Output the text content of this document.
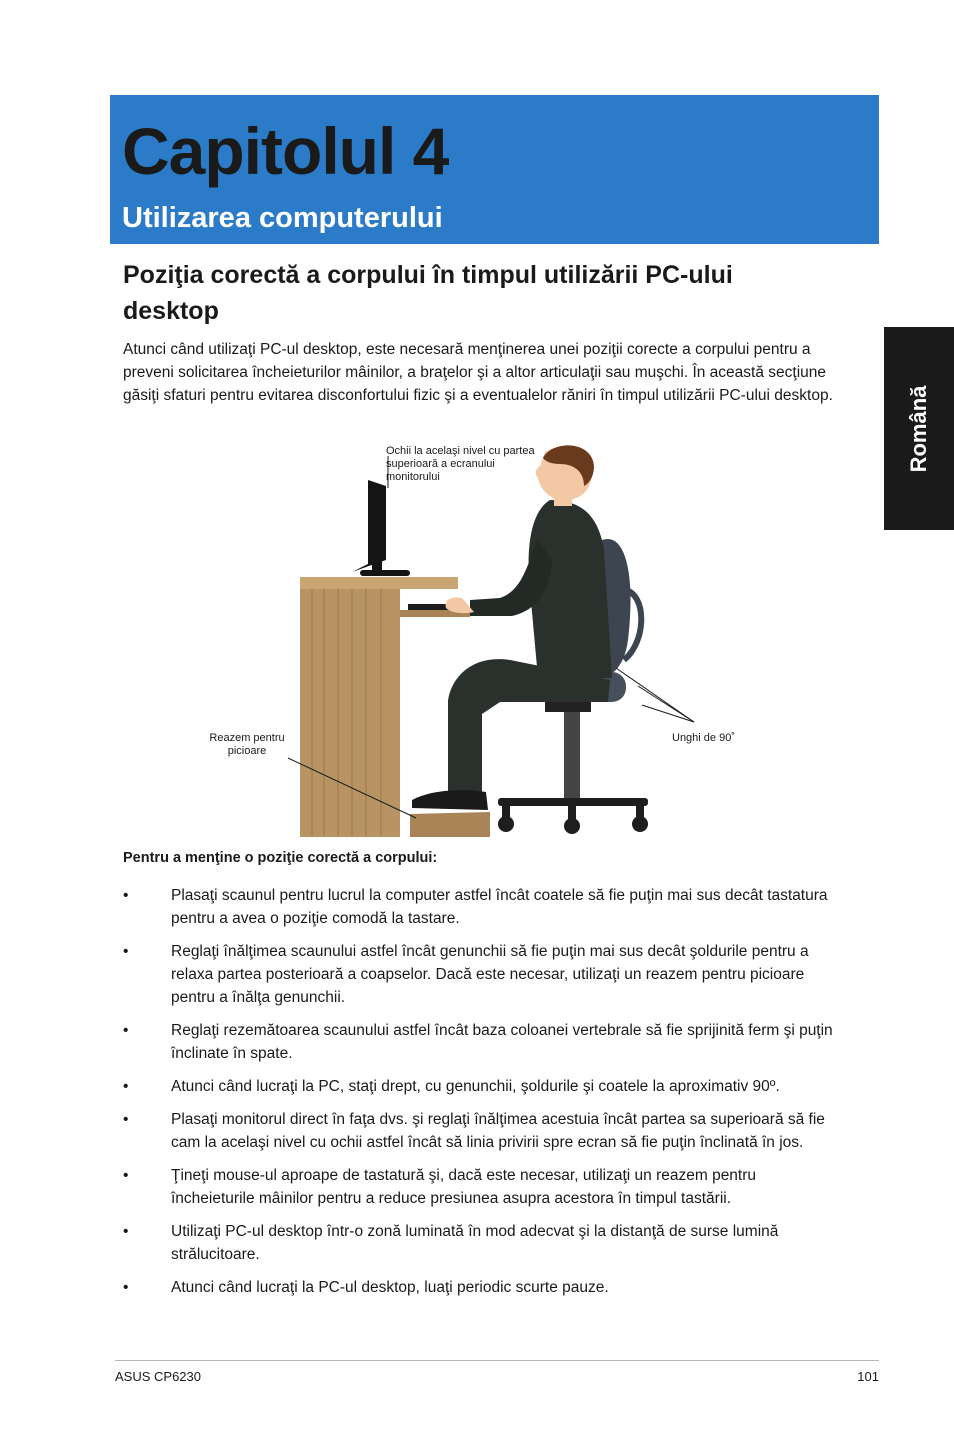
Capitolul 4
Utilizarea computerului
Română
Poziţia corectă a corpului în timpul utilizării PC-ului desktop

Atunci când utilizaţi PC-ul desktop, este necesară menţinerea unei poziţii corecte a corpului pentru a preveni solicitarea încheieturilor mâinilor, a braţelor şi a altor articulaţii sau muşchi. În această secţiune găsiţi sfaturi pentru evitarea disconfortului fizic şi a eventualelor răniri în timpul utilizării PC-ului desktop.

Ochii la acelaşi nivel cu partea superioară a ecranului monitorului
Reazem pentru picioare
Unghi de 90˚

Pentru a menţine o poziţie corectă a corpului:

•	Plasaţi scaunul pentru lucrul la computer astfel încât coatele să fie puţin mai sus decât tastatura pentru a avea o poziţie comodă la tastare.
•	Reglaţi înălţimea scaunului astfel încât genunchii să fie puţin mai sus decât şoldurile pentru a relaxa partea posterioară a coapselor. Dacă este necesar, utilizaţi un reazem pentru picioare pentru a înălţa genunchii.
•	Reglaţi rezemătoarea scaunului astfel încât baza coloanei vertebrale să fie sprijinită ferm şi puţin înclinate în spate.
•	Atunci când lucraţi la PC, staţi drept, cu genunchii, şoldurile şi coatele la aproximativ 90º.
•	Plasaţi monitorul direct în faţa dvs. şi reglaţi înălţimea acestuia încât partea sa superioară să fie cam la acelaşi nivel cu ochii astfel încât să linia privirii spre ecran să fie puţin înclinată în jos.
•	Ţineţi mouse-ul aproape de tastatură şi, dacă este necesar, utilizaţi un reazem pentru încheieturile mâinilor pentru a reduce presiunea asupra acestora în timpul tastării.
•	Utilizaţi PC-ul desktop într-o zonă luminată în mod adecvat şi la distanţă de surse lumină strălucitoare.
•	Atunci când lucraţi la PC-ul desktop, luaţi periodic scurte pauze.
ASUS CP6230	101
